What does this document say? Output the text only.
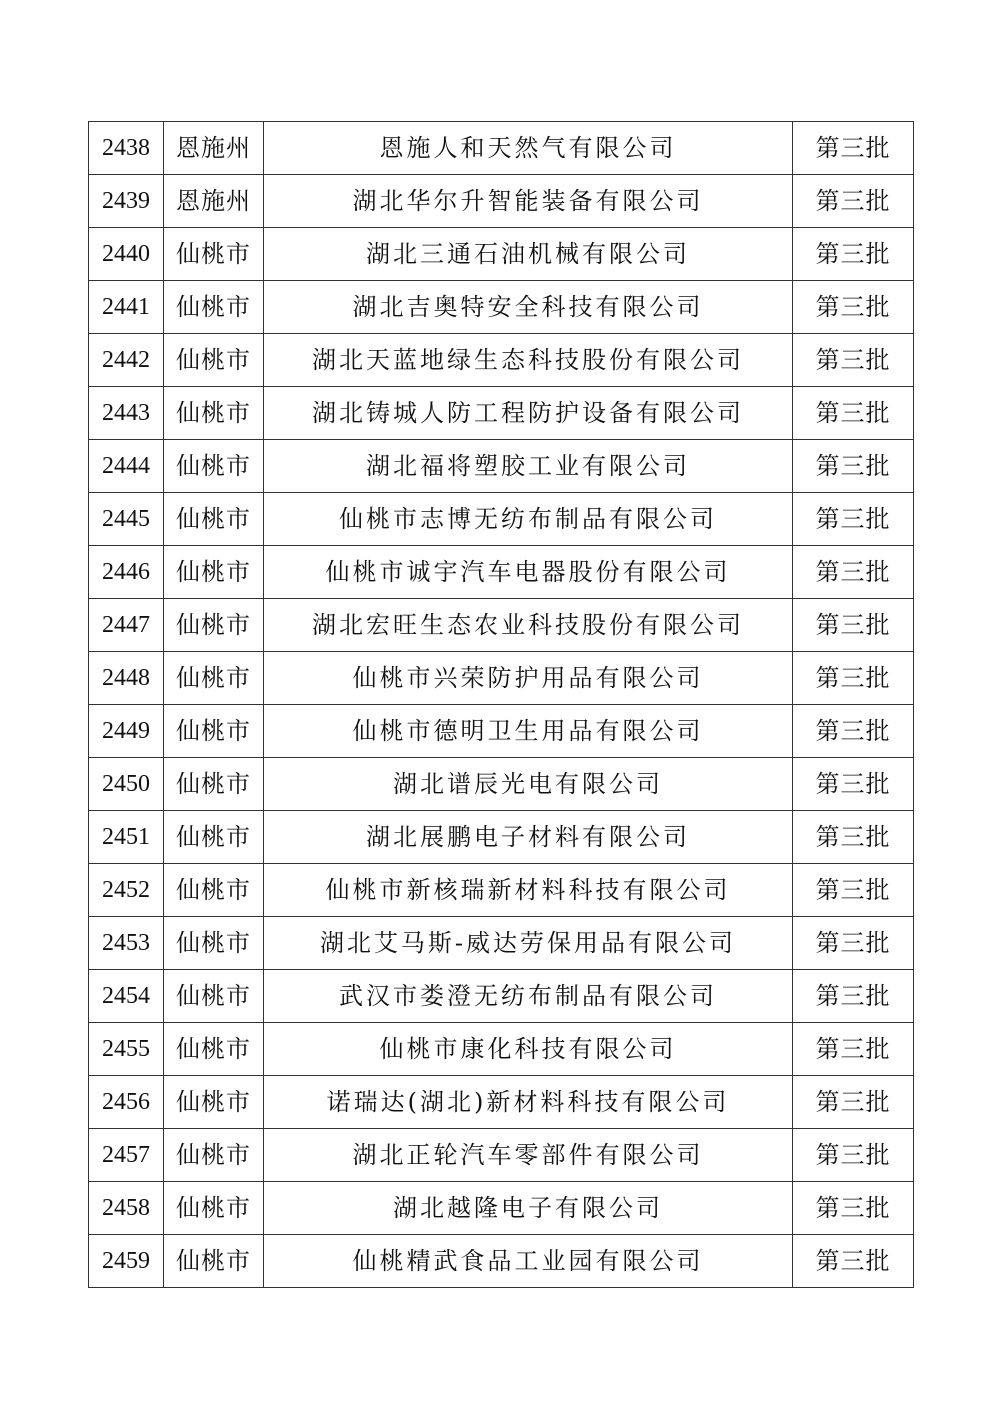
2438	恩施州	恩施人和天然气有限公司	第三批
2439	恩施州	湖北华尔升智能装备有限公司	第三批
2440	仙桃市	湖北三通石油机械有限公司	第三批
2441	仙桃市	湖北吉奥特安全科技有限公司	第三批
2442	仙桃市	湖北天蓝地绿生态科技股份有限公司	第三批
2443	仙桃市	湖北铸城人防工程防护设备有限公司	第三批
2444	仙桃市	湖北福将塑胶工业有限公司	第三批
2445	仙桃市	仙桃市志博无纺布制品有限公司	第三批
2446	仙桃市	仙桃市诚宇汽车电器股份有限公司	第三批
2447	仙桃市	湖北宏旺生态农业科技股份有限公司	第三批
2448	仙桃市	仙桃市兴荣防护用品有限公司	第三批
2449	仙桃市	仙桃市德明卫生用品有限公司	第三批
2450	仙桃市	湖北谱辰光电有限公司	第三批
2451	仙桃市	湖北展鹏电子材料有限公司	第三批
2452	仙桃市	仙桃市新核瑞新材料科技有限公司	第三批
2453	仙桃市	湖北艾马斯-威达劳保用品有限公司	第三批
2454	仙桃市	武汉市娄澄无纺布制品有限公司	第三批
2455	仙桃市	仙桃市康化科技有限公司	第三批
2456	仙桃市	诺瑞达(湖北)新材料科技有限公司	第三批
2457	仙桃市	湖北正轮汽车零部件有限公司	第三批
2458	仙桃市	湖北越隆电子有限公司	第三批
2459	仙桃市	仙桃精武食品工业园有限公司	第三批
